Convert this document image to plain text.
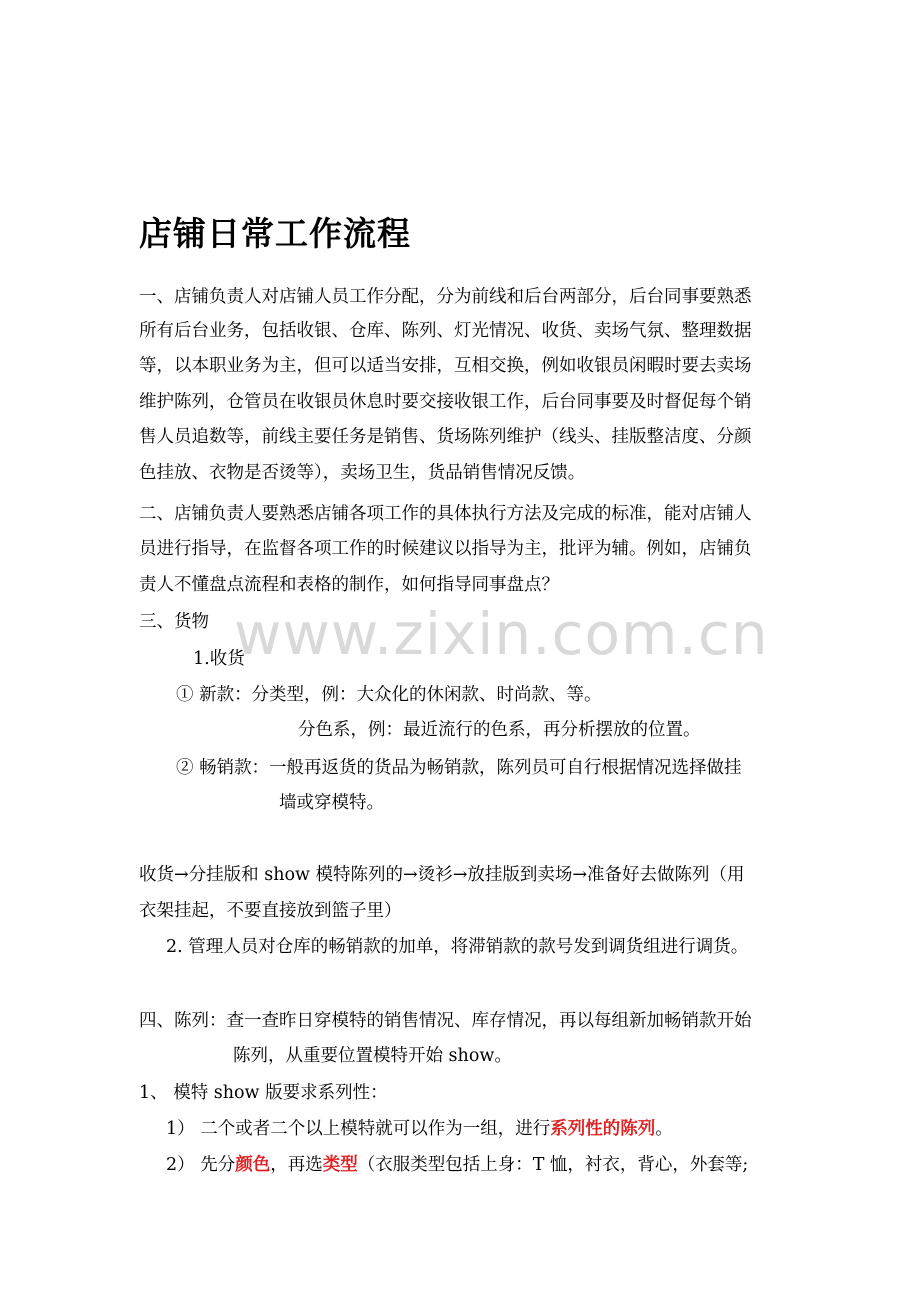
www.zixin.com.cn
店铺日常工作流程
一、店铺负责人对店铺人员工作分配，分为前线和后台两部分，后台同事要熟悉
所有后台业务，包括收银、仓库、陈列、灯光情况、收货、卖场气氛、整理数据
等，以本职业务为主，但可以适当安排，互相交换，例如收银员闲暇时要去卖场
维护陈列，仓管员在收银员休息时要交接收银工作，后台同事要及时督促每个销
售人员追数等，前线主要任务是销售、货场陈列维护（线头、挂版整洁度、分颜
色挂放、衣物是否烫等），卖场卫生，货品销售情况反馈。
二、店铺负责人要熟悉店铺各项工作的具体执行方法及完成的标准，能对店铺人
员进行指导，在监督各项工作的时候建议以指导为主，批评为辅。例如，店铺负
责人不懂盘点流程和表格的制作，如何指导同事盘点？
三、货物
1.收货
① 新款：分类型，例：大众化的休闲款、时尚款、等。
分色系，例：最近流行的色系，再分析摆放的位置。
② 畅销款：一般再返货的货品为畅销款，陈列员可自行根据情况选择做挂
墙或穿模特。
收货→分挂版和 show 模特陈列的→烫衫→放挂版到卖场→准备好去做陈列（用
衣架挂起，不要直接放到篮子里）
2. 管理人员对仓库的畅销款的加单，将滞销款的款号发到调货组进行调货。
四、陈列：查一查昨日穿模特的销售情况、库存情况，再以每组新加畅销款开始
陈列，从重要位置模特开始 show。
1、 模特 show 版要求系列性：
1） 二个或者二个以上模特就可以作为一组，进行系列性的陈列。
2） 先分颜色，再选类型（衣服类型包括上身：T 恤，衬衣，背心，外套等;
